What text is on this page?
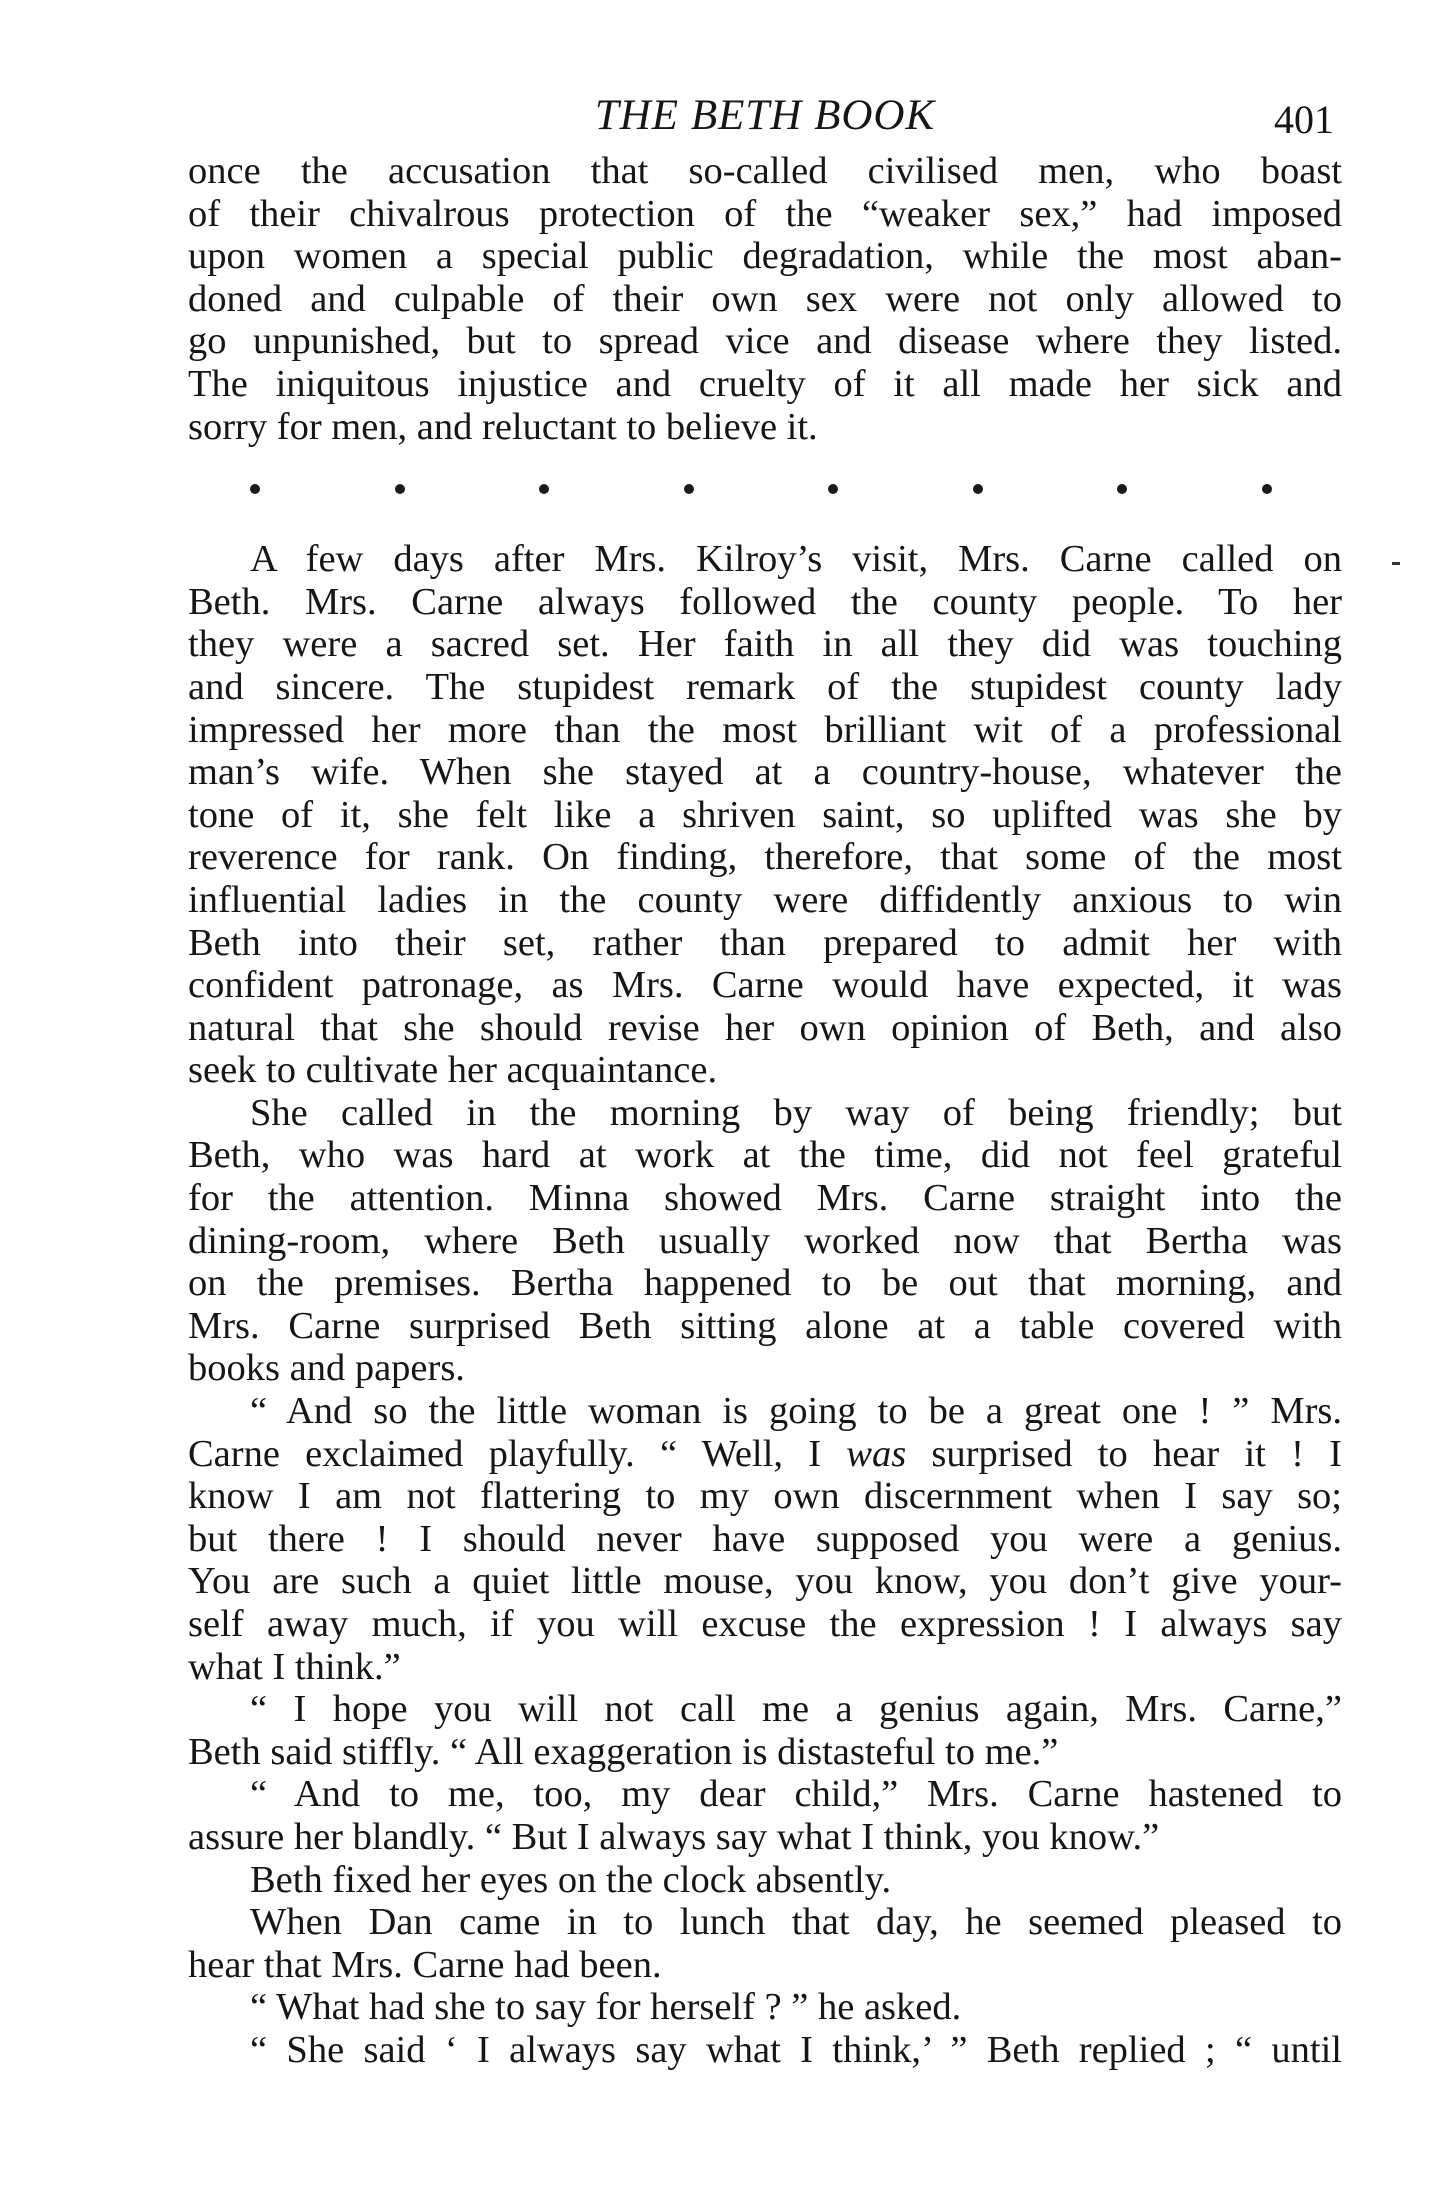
THE BETH BOOK	401
once the accusation that so-called civilised men, who boast
of their chivalrous protection of the “weaker sex,” had imposed
upon women a special public degradation, while the most aban-
doned and culpable of their own sex were not only allowed to
go unpunished, but to spread vice and disease where they listed.
The iniquitous injustice and cruelty of it all made her sick and
sorry for men, and reluctant to believe it.
A few days after Mrs. Kilroy’s visit, Mrs. Carne called on
Beth. Mrs. Carne always followed the county people. To her
they were a sacred set. Her faith in all they did was touching
and sincere. The stupidest remark of the stupidest county lady
impressed her more than the most brilliant wit of a professional
man’s wife. When she stayed at a country-house, whatever the
tone of it, she felt like a shriven saint, so uplifted was she by
reverence for rank. On finding, therefore, that some of the most
influential ladies in the county were diffidently anxious to win
Beth into their set, rather than prepared to admit her with
confident patronage, as Mrs. Carne would have expected, it was
natural that she should revise her own opinion of Beth, and also
seek to cultivate her acquaintance.
She called in the morning by way of being friendly; but
Beth, who was hard at work at the time, did not feel grateful
for the attention. Minna showed Mrs. Carne straight into the
dining-room, where Beth usually worked now that Bertha was
on the premises. Bertha happened to be out that morning, and
Mrs. Carne surprised Beth sitting alone at a table covered with
books and papers.
“ And so the little woman is going to be a great one ! ” Mrs.
Carne exclaimed playfully. “ Well, I was surprised to hear it ! I
know I am not flattering to my own discernment when I say so;
but there ! I should never have supposed you were a genius.
You are such a quiet little mouse, you know, you don’t give your-
self away much, if you will excuse the expression ! I always say
what I think.”
“ I hope you will not call me a genius again, Mrs. Carne,”
Beth said stiffly. “ All exaggeration is distasteful to me.”
“ And to me, too, my dear child,” Mrs. Carne hastened to
assure her blandly. “ But I always say what I think, you know.”
Beth fixed her eyes on the clock absently.
When Dan came in to lunch that day, he seemed pleased to
hear that Mrs. Carne had been.
“ What had she to say for herself ? ” he asked.
“ She said ‘ I always say what I think,’ ” Beth replied ; “ until
